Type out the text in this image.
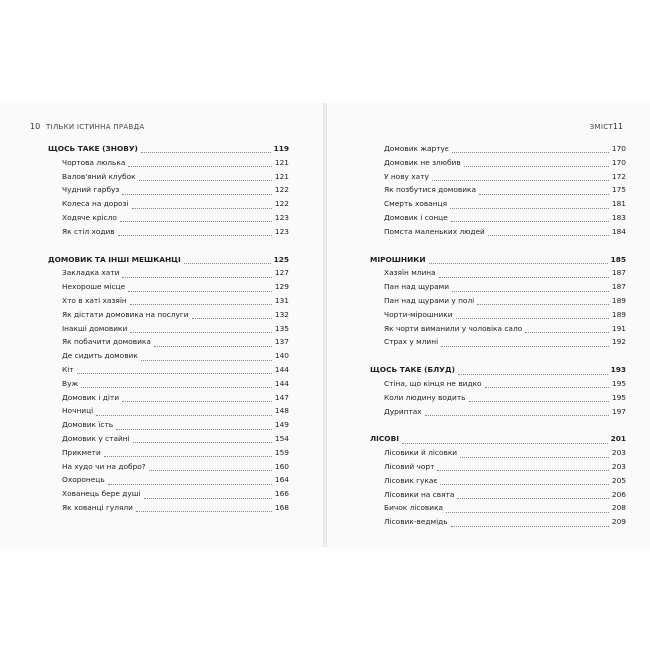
10 ТІЛЬКИ ІСТИННА ПРАВДА
ЩОСЬ ТАКЕ (ЗНОВУ)	119
Чортова люлька	121
Валов'яний клубок	121
Чудний гарбуз	122
Колеса на дорозі	122
Ходяче крісло	123
Як стіл ходив	123
ДОМОВИК ТА ІНШІ МЕШКАНЦІ	125
Закладка хати	127
Нехороше місце	129
Хто в хаті хазяїн	131
Як дістати домовика на послуги	132
Інакші домовики	135
Як побачити домовика	137
Де сидить домовик	140
Кіт	144
Вуж	144
Домовик і діти	147
Ночниці	148
Домовик їсть	149
Домовик у стайні	154
Прикмети	159
На худо чи на добро?	160
Охоронець	164
Хованець бере душі	166
Як хованці гуляли	168
ЗМІСТ 11
Домовик жартує	170
Домовик не злюбив	170
У нову хату	172
Як позбутися домовика	175
Смерть хованця	181
Домовик і сонце	183
Помста маленьких людей	184
МІРОШНИКИ	185
Хазяїн млина	187
Пан над щурами	187
Пан над щурами у полі	189
Чорти-мірошники	189
Як чорти виманили у чоловіка сало	191
Страх у млині	192
ЩОСЬ ТАКЕ (БЛУД)	193
Стіна, що кінця не видко	195
Коли людину водить	195
Дуриптах	197
ЛІСОВІ	201
Лісовики й лісовки	203
Лісовий чорт	203
Лісовик гукає	205
Лісовики на свята	206
Бичок лісовика	208
Лісовик-ведмідь	209
